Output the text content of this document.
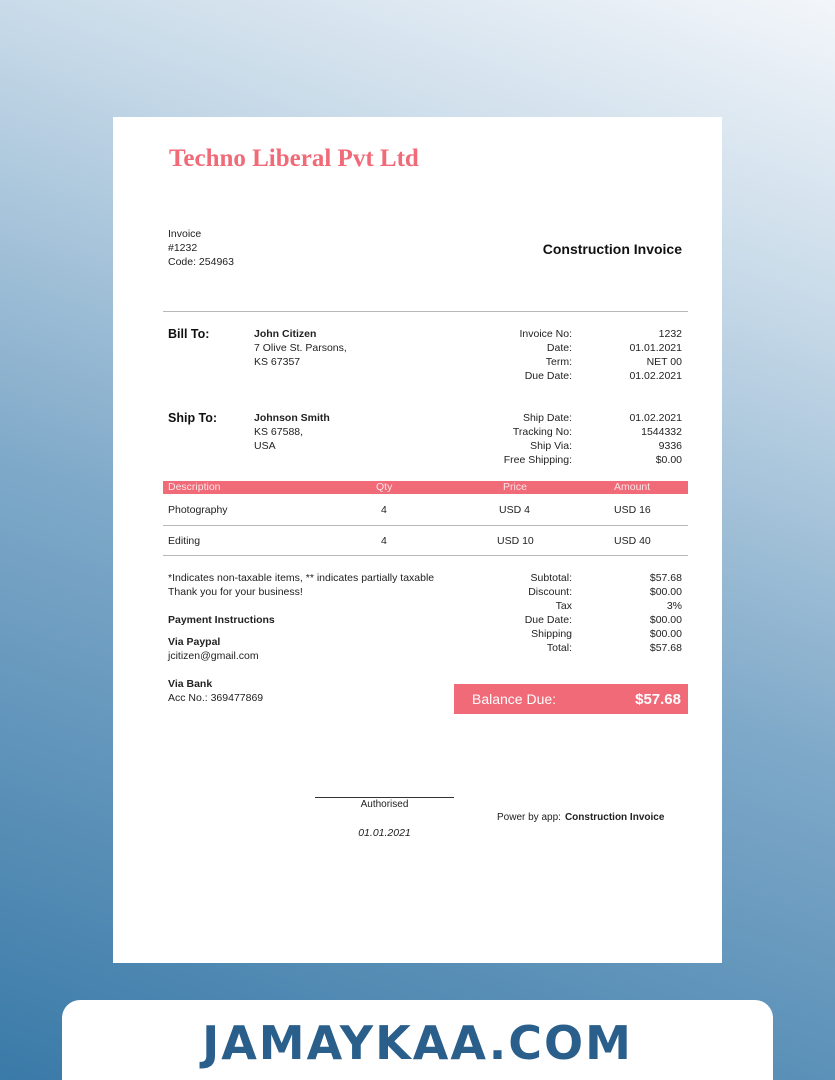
Techno Liberal Pvt Ltd
Invoice
#1232
Code: 254963
Construction Invoice
Bill To:	John Citizen
7 Olive St. Parsons,
KS 67357
Invoice No:	1232
Date:	01.01.2021
Term:	NET 00
Due Date:	01.02.2021
Ship To:	Johnson Smith
KS 67588,
USA
Ship Date:	01.02.2021
Tracking No:	1544332
Ship Via:	9336
Free Shipping:	$0.00
Description	Qty	Price	Amount
Photography	4	USD 4	USD 16
Editing	4	USD 10	USD 40
*Indicates non-taxable items, ** indicates partially taxable
Thank you for your business!
Payment Instructions
Via Paypal
jcitizen@gmail.com
Via Bank
Acc No.: 369477869
Subtotal:	$57.68
Discount:	$00.00
Tax	3%
Due Date:	$00.00
Shipping	$00.00
Total:	$57.68
Balance Due:	$57.68
Authorised
01.01.2021
Power by app: Construction Invoice
JAMAYKAA.COM
